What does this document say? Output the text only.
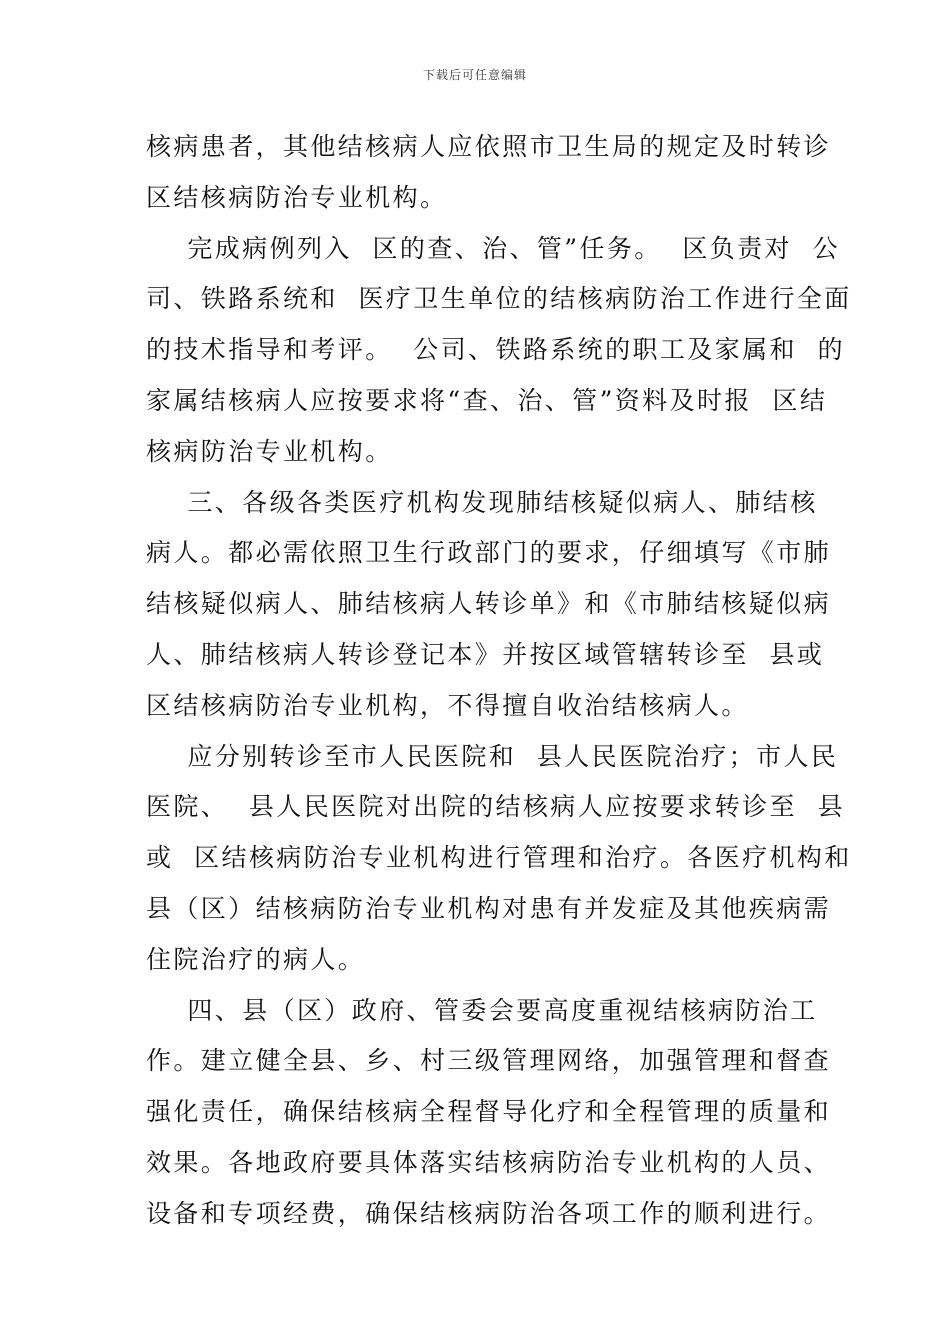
下载后可任意编辑
核病患者，其他结核病人应依照市卫生局的规定及时转诊
区结核病防治专业机构。
完成病例列入  区的查、治、管”任务。  区负责对  公
司、铁路系统和  医疗卫生单位的结核病防治工作进行全面
的技术指导和考评。  公司、铁路系统的职工及家属和  的
家属结核病人应按要求将“查、治、管”资料及时报  区结
核病防治专业机构。
三、各级各类医疗机构发现肺结核疑似病人、肺结核
病人。都必需依照卫生行政部门的要求，仔细填写《市肺
结核疑似病人、肺结核病人转诊单》和《市肺结核疑似病
人、肺结核病人转诊登记本》并按区域管辖转诊至  县或
区结核病防治专业机构，不得擅自收治结核病人。
应分别转诊至市人民医院和  县人民医院治疗；市人民
医院、  县人民医院对出院的结核病人应按要求转诊至  县
或  区结核病防治专业机构进行管理和治疗。各医疗机构和
县（区）结核病防治专业机构对患有并发症及其他疾病需
住院治疗的病人。
四、县（区）政府、管委会要高度重视结核病防治工
作。建立健全县、乡、村三级管理网络，加强管理和督查
强化责任，确保结核病全程督导化疗和全程管理的质量和
效果。各地政府要具体落实结核病防治专业机构的人员、
设备和专项经费，确保结核病防治各项工作的顺利进行。
